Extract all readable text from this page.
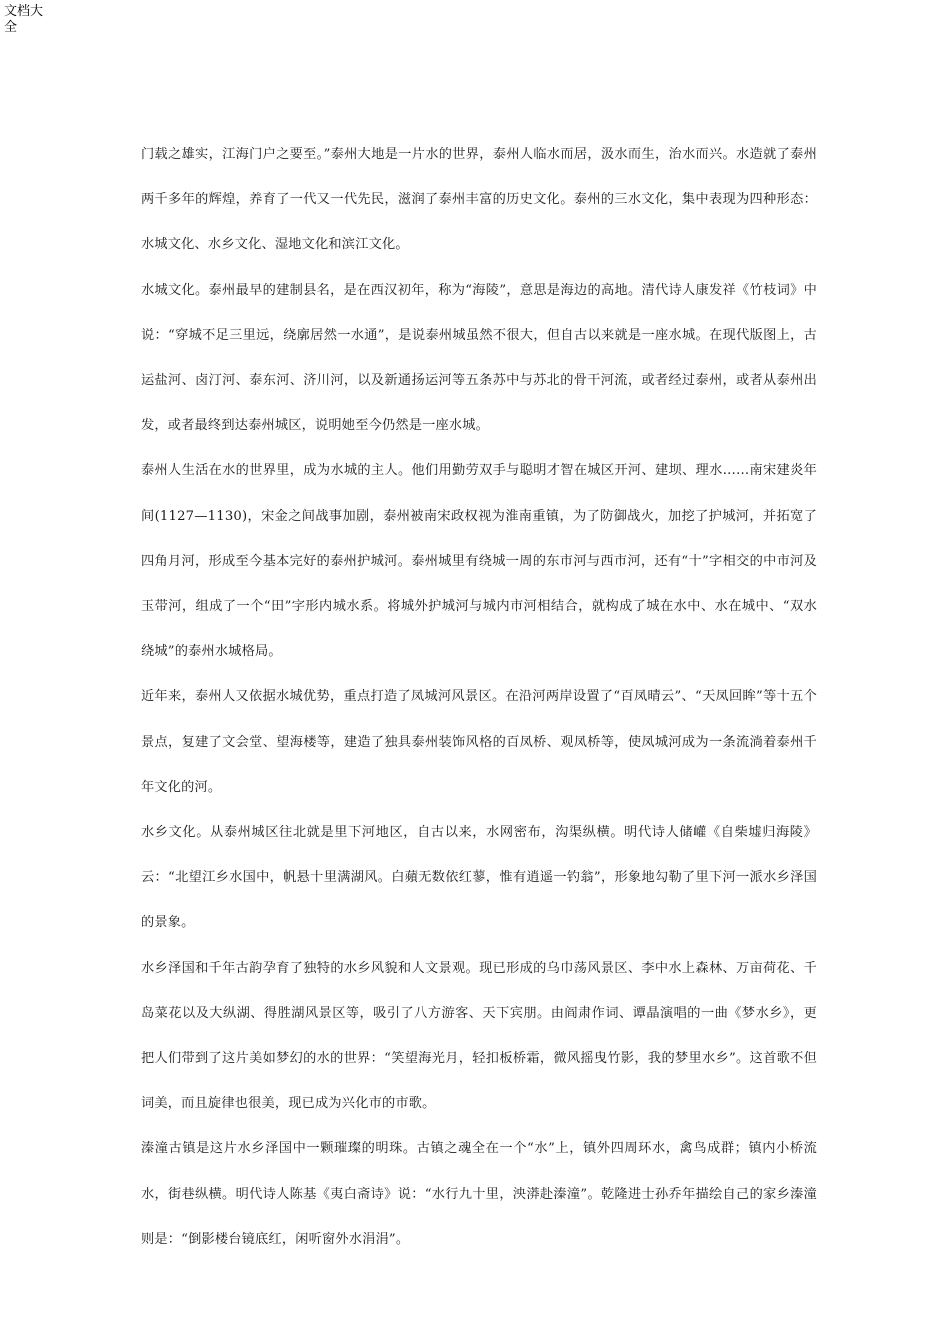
文档大全

门载之雄实，江海门户之要至。”泰州大地是一片水的世界，泰州人临水而居，汲水而生，治水而兴。水造就了泰州两千多年的辉煌，养育了一代又一代先民，滋润了泰州丰富的历史文化。泰州的三水文化，集中表现为四种形态：水城文化、水乡文化、湿地文化和滨江文化。

水城文化。泰州最早的建制县名，是在西汉初年，称为“海陵”，意思是海边的高地。清代诗人康发祥《竹枝词》中说：“穿城不足三里远，绕廓居然一水通”，是说泰州城虽然不很大，但自古以来就是一座水城。在现代版图上，古运盐河、卤汀河、泰东河、济川河，以及新通扬运河等五条苏中与苏北的骨干河流，或者经过泰州，或者从泰州出发，或者最终到达泰州城区，说明她至今仍然是一座水城。

泰州人生活在水的世界里，成为水城的主人。他们用勤劳双手与聪明才智在城区开河、建坝、理水……南宋建炎年间(1127—1130)，宋金之间战事加剧，泰州被南宋政权视为淮南重镇，为了防御战火，加挖了护城河，并拓宽了四角月河，形成至今基本完好的泰州护城河。泰州城里有绕城一周的东市河与西市河，还有“十”字相交的中市河及玉带河，组成了一个“田”字形内城水系。将城外护城河与城内市河相结合，就构成了城在水中、水在城中、“双水绕城”的泰州水城格局。

近年来，泰州人又依据水城优势，重点打造了凤城河风景区。在沿河两岸设置了“百凤晴云”、“天凤回眸”等十五个景点，复建了文会堂、望海楼等，建造了独具泰州装饰风格的百凤桥、观凤桥等，使凤城河成为一条流淌着泰州千年文化的河。

水乡文化。从泰州城区往北就是里下河地区，自古以来，水网密布，沟渠纵横。明代诗人储巏《自柴墟归海陵》云：“北望江乡水国中，帆悬十里满湖风。白蘋无数依红蓼，惟有逍遥一钓翁”，形象地勾勒了里下河一派水乡泽国的景象。

水乡泽国和千年古韵孕育了独特的水乡风貌和人文景观。现已形成的乌巾荡风景区、李中水上森林、万亩荷花、千岛菜花以及大纵湖、得胜湖风景区等，吸引了八方游客、天下宾朋。由阎肃作词、谭晶演唱的一曲《梦水乡》，更把人们带到了这片美如梦幻的水的世界：“笑望海光月，轻扣板桥霜，微风摇曳竹影，我的梦里水乡”。这首歌不但词美，而且旋律也很美，现已成为兴化市的市歌。

溱潼古镇是这片水乡泽国中一颗璀璨的明珠。古镇之魂全在一个“水”上，镇外四周环水，禽鸟成群；镇内小桥流水，街巷纵横。明代诗人陈基《夷白斋诗》说：“水行九十里，泱漭赴溱潼”。乾隆进士孙乔年描绘自己的家乡溱潼则是：“倒影楼台镜底红，闲听窗外水涓涓”。
